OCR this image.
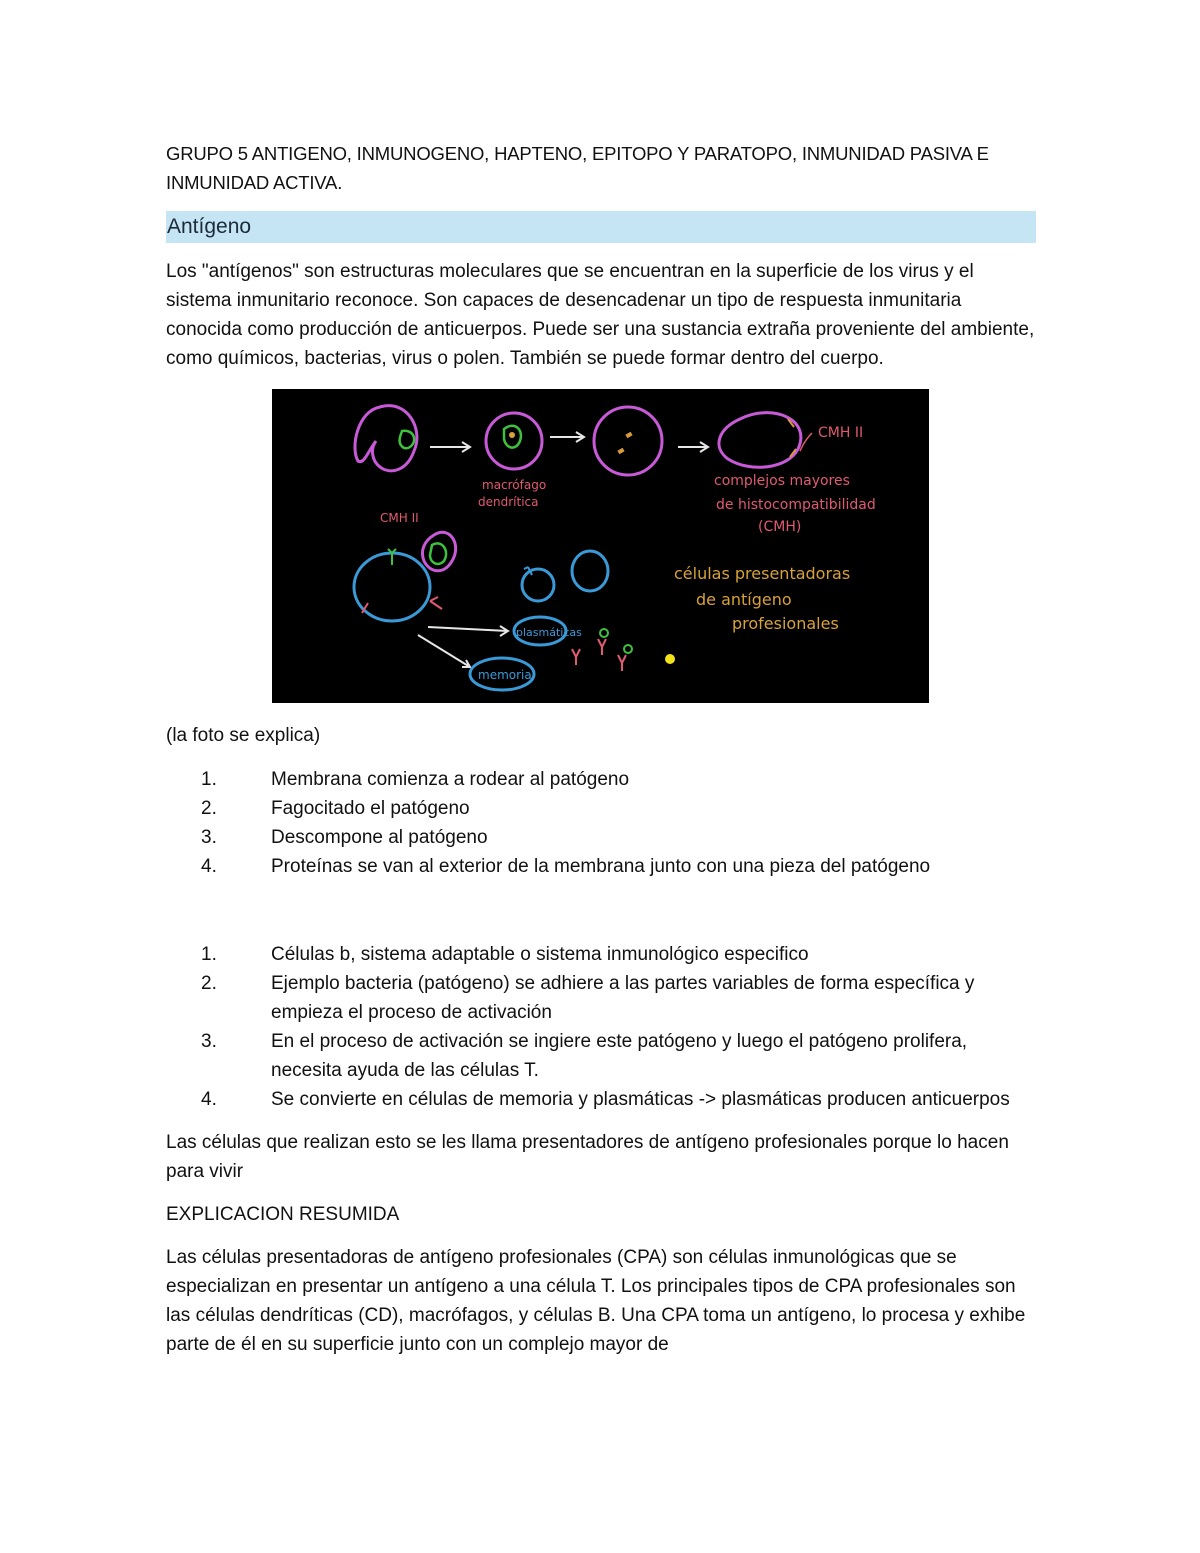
GRUPO 5 ANTIGENO, INMUNOGENO, HAPTENO, EPITOPO Y PARATOPO, INMUNIDAD PASIVA E INMUNIDAD ACTIVA.

Antígeno

Los "antígenos" son estructuras moleculares que se encuentran en la superficie de los virus y el sistema inmunitario reconoce. Son capaces de desencadenar un tipo de respuesta inmunitaria conocida como producción de anticuerpos. Puede ser una sustancia extraña proveniente del ambiente, como químicos, bacterias, virus o polen. También se puede formar dentro del cuerpo.

CMH II
macrófago
dendrítica
complejos mayores
de histocompatibilidad
(CMH)
CMH II
plasmáticas
memoria
células presentadoras
de antígeno
profesionales
(la foto se explica)
1.	Membrana comienza a rodear al patógeno
2.	Fagocitado el patógeno
3.	Descompone al patógeno
4.	Proteínas se van al exterior de la membrana junto con una pieza del patógeno
1.	Células b, sistema adaptable o sistema inmunológico especifico
2.	Ejemplo bacteria (patógeno) se adhiere a las partes variables de forma específica y empieza el proceso de activación
3.	En el proceso de activación se ingiere este patógeno y luego el patógeno prolifera, necesita ayuda de las células T.
4.	Se convierte en células de memoria y plasmáticas -> plasmáticas producen anticuerpos

Las células que realizan esto se les llama presentadores de antígeno profesionales porque lo hacen para vivir

EXPLICACION RESUMIDA

Las células presentadoras de antígeno profesionales (CPA) son células inmunológicas que se especializan en presentar un antígeno a una célula T. Los principales tipos de CPA profesionales son las células dendríticas (CD), macrófagos, y células B. Una CPA toma un antígeno, lo procesa y exhibe parte de él en su superficie junto con un complejo mayor de
